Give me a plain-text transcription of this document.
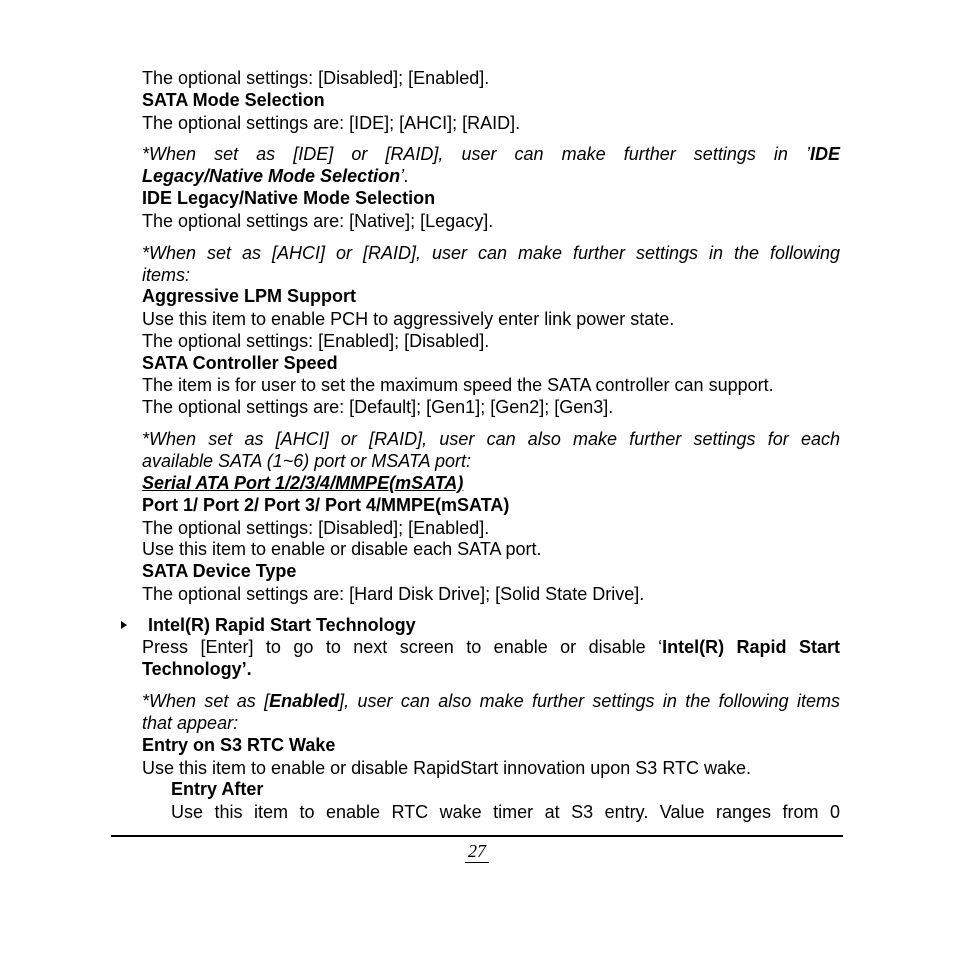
The optional settings: [Disabled]; [Enabled].
SATA Mode Selection
The optional settings are: [IDE]; [AHCI]; [RAID].
*When set as [IDE] or [RAID], user can make further settings in ’IDE
Legacy/Native Mode Selection’.
IDE Legacy/Native Mode Selection
The optional settings are: [Native]; [Legacy].
*When set as [AHCI] or [RAID], user can make further settings in the following
items:
Aggressive LPM Support
Use this item to enable PCH to aggressively enter link power state.
The optional settings: [Enabled]; [Disabled].
SATA Controller Speed
The item is for user to set the maximum speed the SATA controller can support.
The optional settings are: [Default]; [Gen1]; [Gen2]; [Gen3].
*When set as [AHCI] or [RAID], user can also make further settings for each
available SATA (1~6) port or MSATA port:
Serial ATA Port 1/2/3/4/MMPE(mSATA)
Port 1/ Port 2/ Port 3/ Port 4/MMPE(mSATA)
The optional settings: [Disabled]; [Enabled].
Use this item to enable or disable each SATA port.
SATA Device Type
The optional settings are: [Hard Disk Drive]; [Solid State Drive].
Intel(R) Rapid Start Technology
Press [Enter] to go to next screen to enable or disable ‘Intel(R) Rapid Start
Technology’.
*When set as [Enabled], user can also make further settings in the following items
that appear:
Entry on S3 RTC Wake
Use this item to enable or disable RapidStart innovation upon S3 RTC wake.
Entry After
Use this item to enable RTC wake timer at S3 entry. Value ranges from 0
27
